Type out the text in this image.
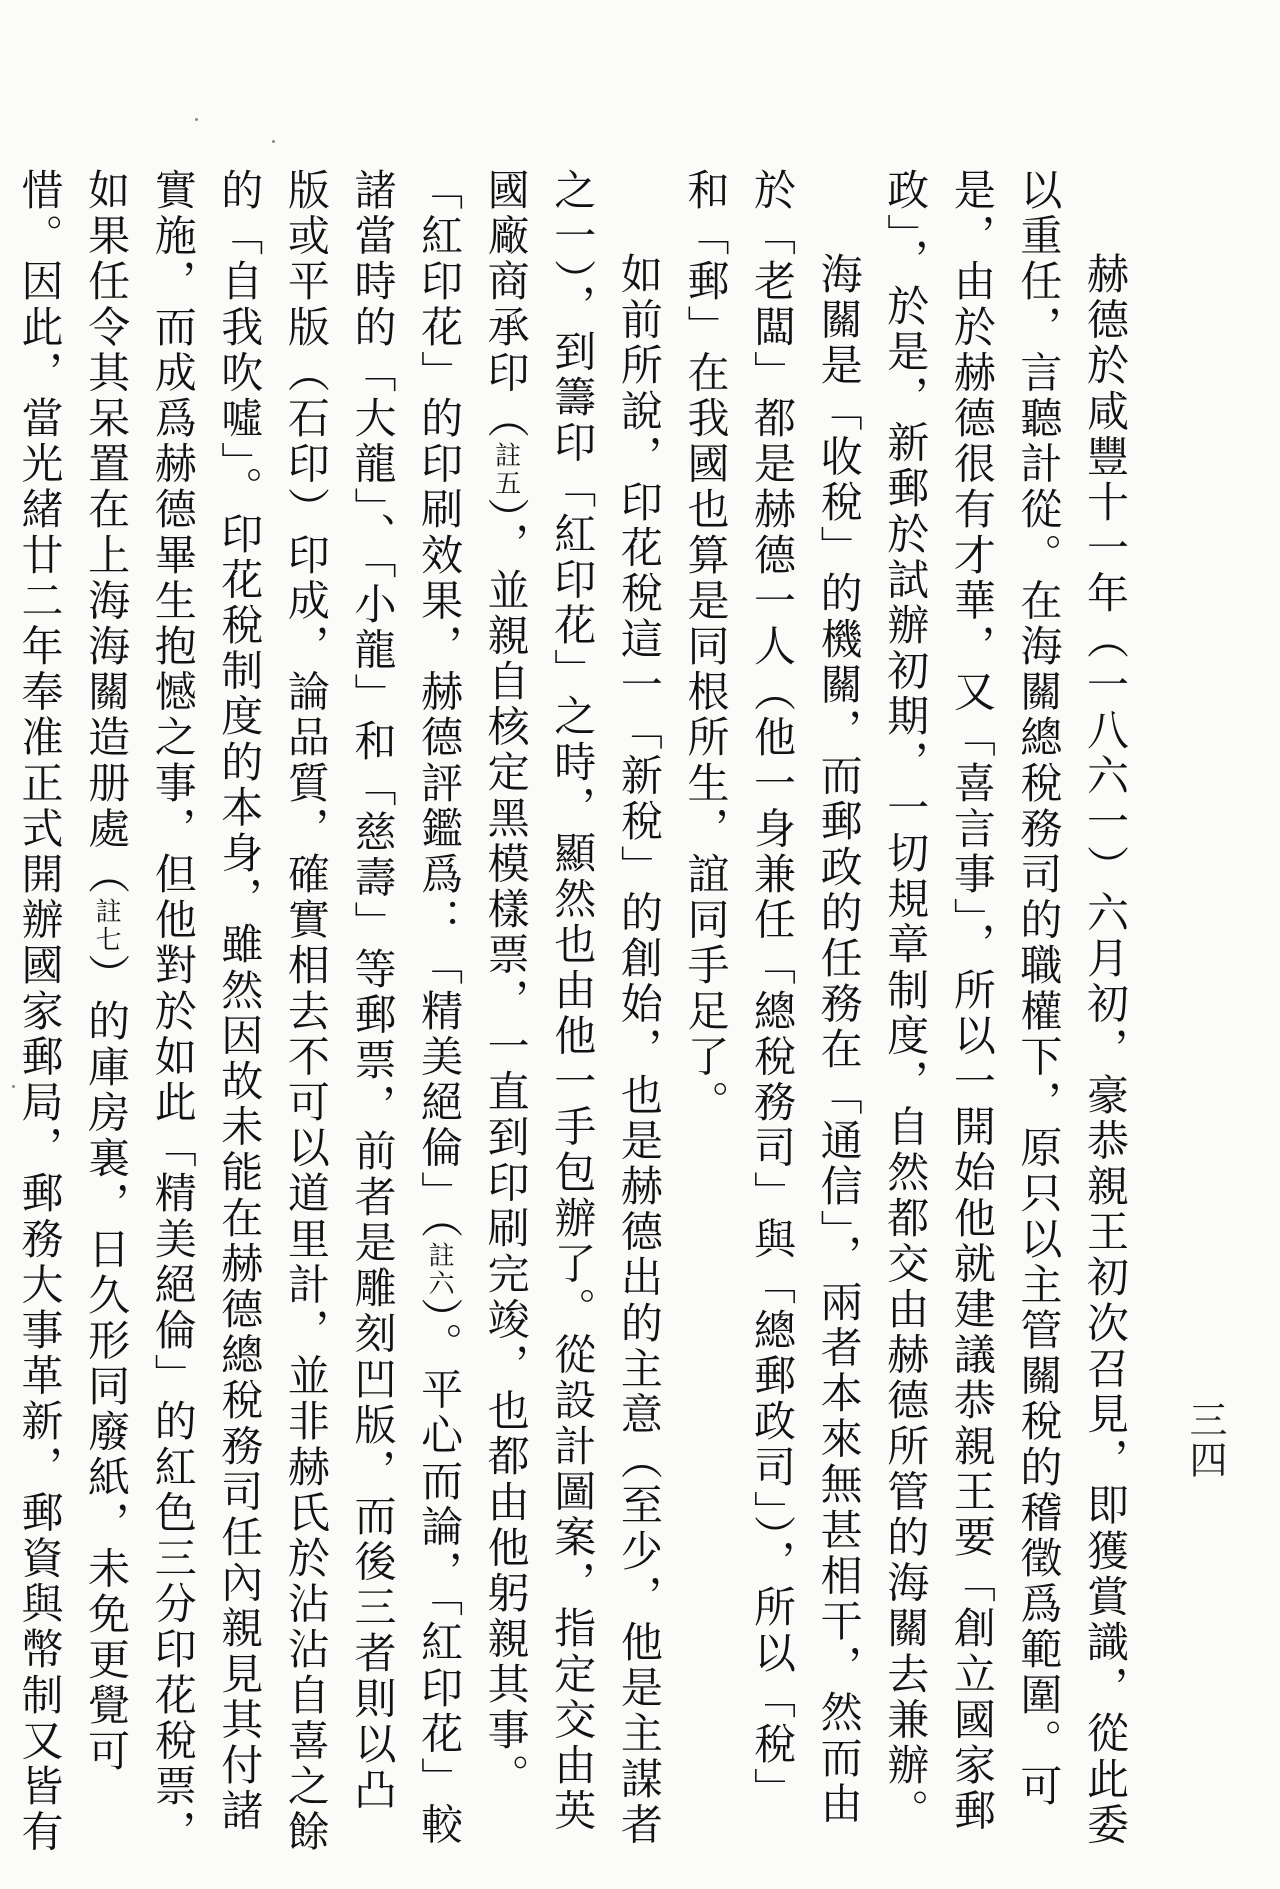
三四

赫德於咸豐十一年（一八六一）六月初，豪恭親王初次召見，即獲賞識，從此委以重任，言聽計從。在海關總稅務司的職權下，原只以主管關稅的稽徵爲範圍。可是，由於赫德很有才華，又「喜言事」，所以一開始他就建議恭親王要「創立國家郵政」，於是，新郵於試辦初期，一切規章制度，自然都交由赫德所管的海關去兼辦。

海關是「收稅」的機關，而郵政的任務在「通信」，兩者本來無甚相干，然而由於「老闆」都是赫德一人（他一身兼任「總稅務司」與「總郵政司」），所以「稅」和「郵」在我國也算是同根所生，誼同手足了。

如前所說，印花稅這一「新稅」的創始，也是赫德出的主意（至少，他是主謀者之一），到籌印「紅印花」之時，顯然也由他一手包辦了。從設計圖案，指定交由英國廠商承印（註五），並親自核定黑模樣票，一直到印刷完竣，也都由他躬親其事。「紅印花」的印刷效果，赫德評鑑爲：「精美絕倫」（註六）。平心而論，「紅印花」較諸當時的「大龍」、「小龍」和「慈壽」等郵票，前者是雕刻凹版，而後三者則以凸版或平版（石印）印成，論品質，確實相去不可以道里計，並非赫氏於沾沾自喜之餘的「自我吹噓」。印花稅制度的本身，雖然因故未能在赫德總稅務司任內親見其付諸實施，而成爲赫德畢生抱憾之事，但他對於如此「精美絕倫」的紅色三分印花稅票，如果任令其呆置在上海海關造册處（註七）的庫房裏，日久形同廢紙，未免更覺可惜。因此，當光緒廿二年奉准正式開辦國家郵局，郵務大事革新，郵資與幣制又皆有
